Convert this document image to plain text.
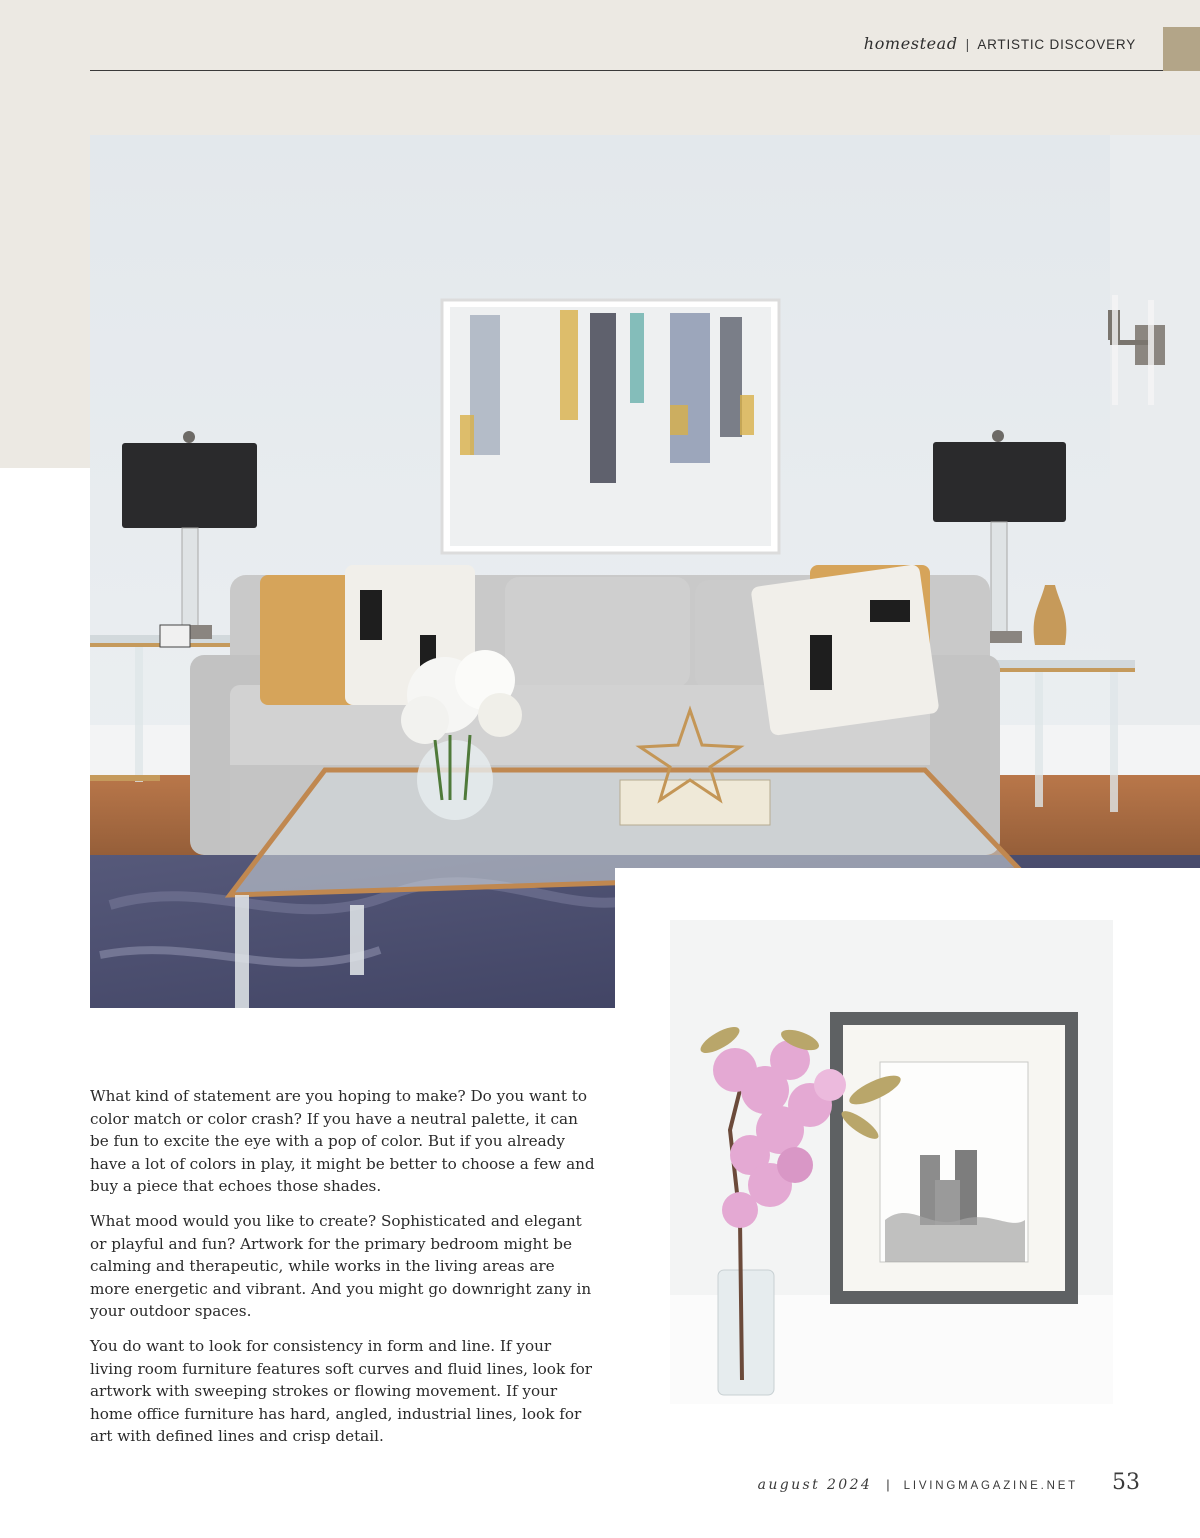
homestead | ARTISTIC DISCOVERY

What kind of statement are you hoping to make? Do you want to color match or color crash? If you have a neutral palette, it can be fun to excite the eye with a pop of color. But if you already have a lot of colors in play, it might be better to choose a few and buy a piece that echoes those shades.

What mood would you like to create? Sophisticated and elegant or playful and fun? Artwork for the primary bedroom might be calming and therapeutic, while works in the living areas are more energetic and vibrant. And you might go downright zany in your outdoor spaces.

You do want to look for consistency in form and line. If your living room furniture features soft curves and fluid lines, look for artwork with sweeping strokes or flowing movement. If your home office furniture has hard, angled, industrial lines, look for art with defined lines and crisp detail.

august 2024 | LIVINGMAGAZINE.NET 53
